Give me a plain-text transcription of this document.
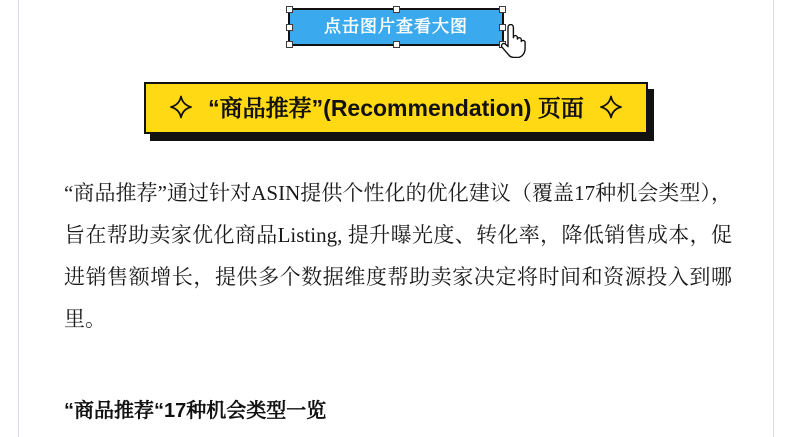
点击图片查看大图
“商品推荐”(Recommendation) 页面
“商品推荐”通过针对ASIN提供个性化的优化建议（覆盖17种机会类型），旨在帮助卖家优化商品Listing, 提升曝光度、转化率，降低销售成本，促进销售额增长，提供多个数据维度帮助卖家决定将时间和资源投入到哪里。
“商品推荐“17种机会类型一览
